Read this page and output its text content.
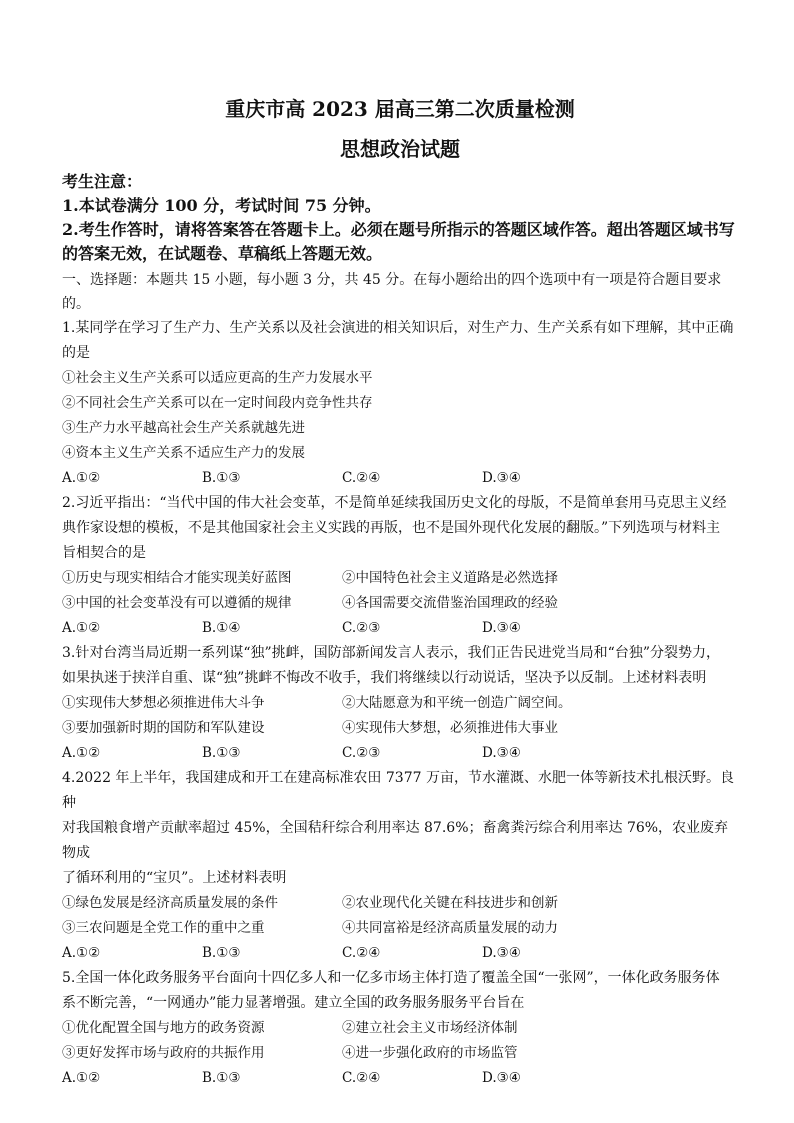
重庆市高 2023 届高三第二次质量检测
思想政治试题
考生注意：
1.本试卷满分 100 分，考试时间 75 分钟。
2.考生作答时，请将答案答在答题卡上。必须在题号所指示的答题区域作答。超出答题区域书写
的答案无效，在试题卷、草稿纸上答题无效。
一、选择题：本题共 15 小题，每小题 3 分，共 45 分。在每小题给出的四个选项中有一项是符合题目要求的。
1.某同学在学习了生产力、生产关系以及社会演进的相关知识后，对生产力、生产关系有如下理解，其中正确
的是
①社会主义生产关系可以适应更高的生产力发展水平
②不同社会生产关系可以在一定时间段内竞争性共存
③生产力水平越高社会生产关系就越先进
④资本主义生产关系不适应生产力的发展
A.①②	B.①③	C.②④	D.③④
2.习近平指出：“当代中国的伟大社会变革，不是简单延续我国历史文化的母版，不是简单套用马克思主义经
典作家设想的模板，不是其他国家社会主义实践的再版，也不是国外现代化发展的翻版。”下列选项与材料主
旨相契合的是
①历史与现实相结合才能实现美好蓝图	②中国特色社会主义道路是必然选择
③中国的社会变革没有可以遵循的规律	④各国需要交流借鉴治国理政的经验
A.①②	B.①④	C.②③	D.③④
3.针对台湾当局近期一系列谋“独”挑衅，国防部新闻发言人表示，我们正告民进党当局和“台独”分裂势力，
如果执迷于挟洋自重、谋“独”挑衅不悔改不收手，我们将继续以行动说话，坚决予以反制。上述材料表明
①实现伟大梦想必须推进伟大斗争	②大陆愿意为和平统一创造广阔空间。
③要加强新时期的国防和军队建设	④实现伟大梦想，必须推进伟大事业
A.①②	B.①③	C.②③	D.③④
4.2022 年上半年，我国建成和开工在建高标准农田 7377 万亩，节水灌溉、水肥一体等新技术扎根沃野。良种
对我国粮食增产贡献率超过 45%，全国秸秆综合利用率达 87.6%；畜禽粪污综合利用率达 76%，农业废弃物成
了循环利用的“宝贝”。上述材料表明
①绿色发展是经济高质量发展的条件	②农业现代化关键在科技进步和创新
③三农问题是全党工作的重中之重	④共同富裕是经济高质量发展的动力
A.①②	B.①③	C.②④	D.③④
5.全国一体化政务服务平台面向十四亿多人和一亿多市场主体打造了覆盖全国“一张网”，一体化政务服务体
系不断完善，“一网通办”能力显著增强。建立全国的政务服务服务平台旨在
①优化配置全国与地方的政务资源	②建立社会主义市场经济体制
③更好发挥市场与政府的共振作用	④进一步强化政府的市场监管
A.①②	B.①③	C.②④	D.③④
